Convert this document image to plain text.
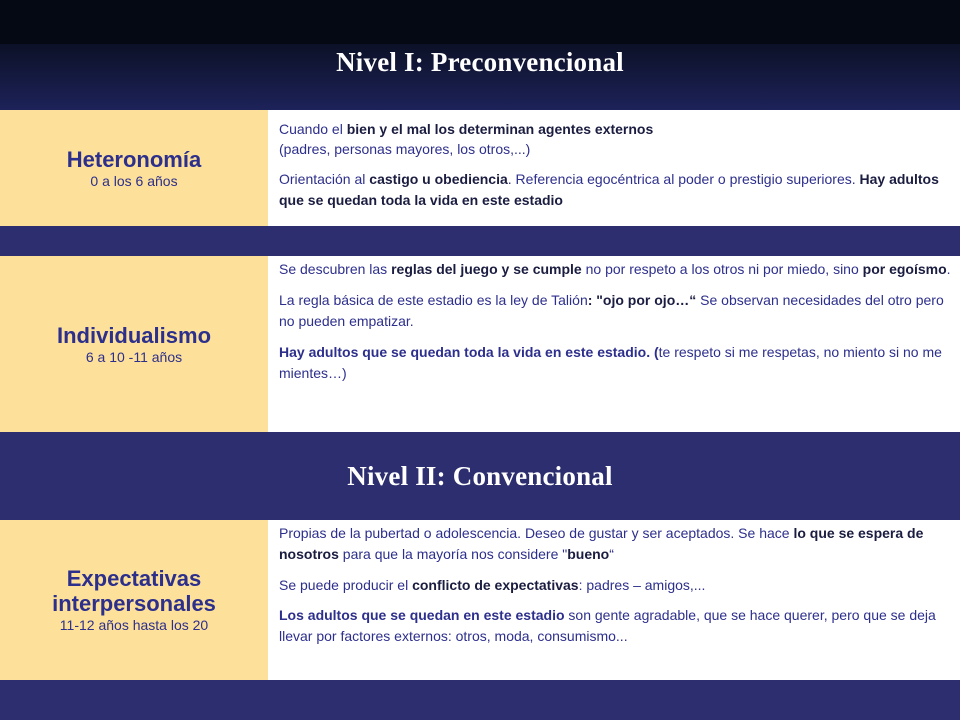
Nivel I: Preconvencional
Heteronomía
0 a los 6 años

Cuando el bien y el mal los determinan agentes externos
(padres, personas mayores, los otros,...)

Orientación al castigo u obediencia. Referencia egocéntrica al poder o prestigio superiores. Hay adultos que se quedan toda la vida en este estadio

Individualismo
6 a 10 -11 años

Se descubren las reglas del juego y se cumple no por respeto a los otros ni por miedo, sino por egoísmo.

La regla básica de este estadio es la ley de Talión: "ojo por ojo…“ Se observan necesidades del otro pero no pueden empatizar.

Hay adultos que se quedan toda la vida en este estadio. (te respeto si me respetas, no miento si no me mientes…)

Nivel II: Convencional
Expectativas
interpersonales
11-12 años hasta los 20

Propias de la pubertad o adolescencia. Deseo de gustar y ser aceptados. Se hace lo que se espera de nosotros para que la mayoría nos considere "bueno“

Se puede producir el conflicto de expectativas: padres – amigos,...

Los adultos que se quedan en este estadio son gente agradable, que se hace querer, pero que se deja llevar por factores externos: otros, moda, consumismo...
